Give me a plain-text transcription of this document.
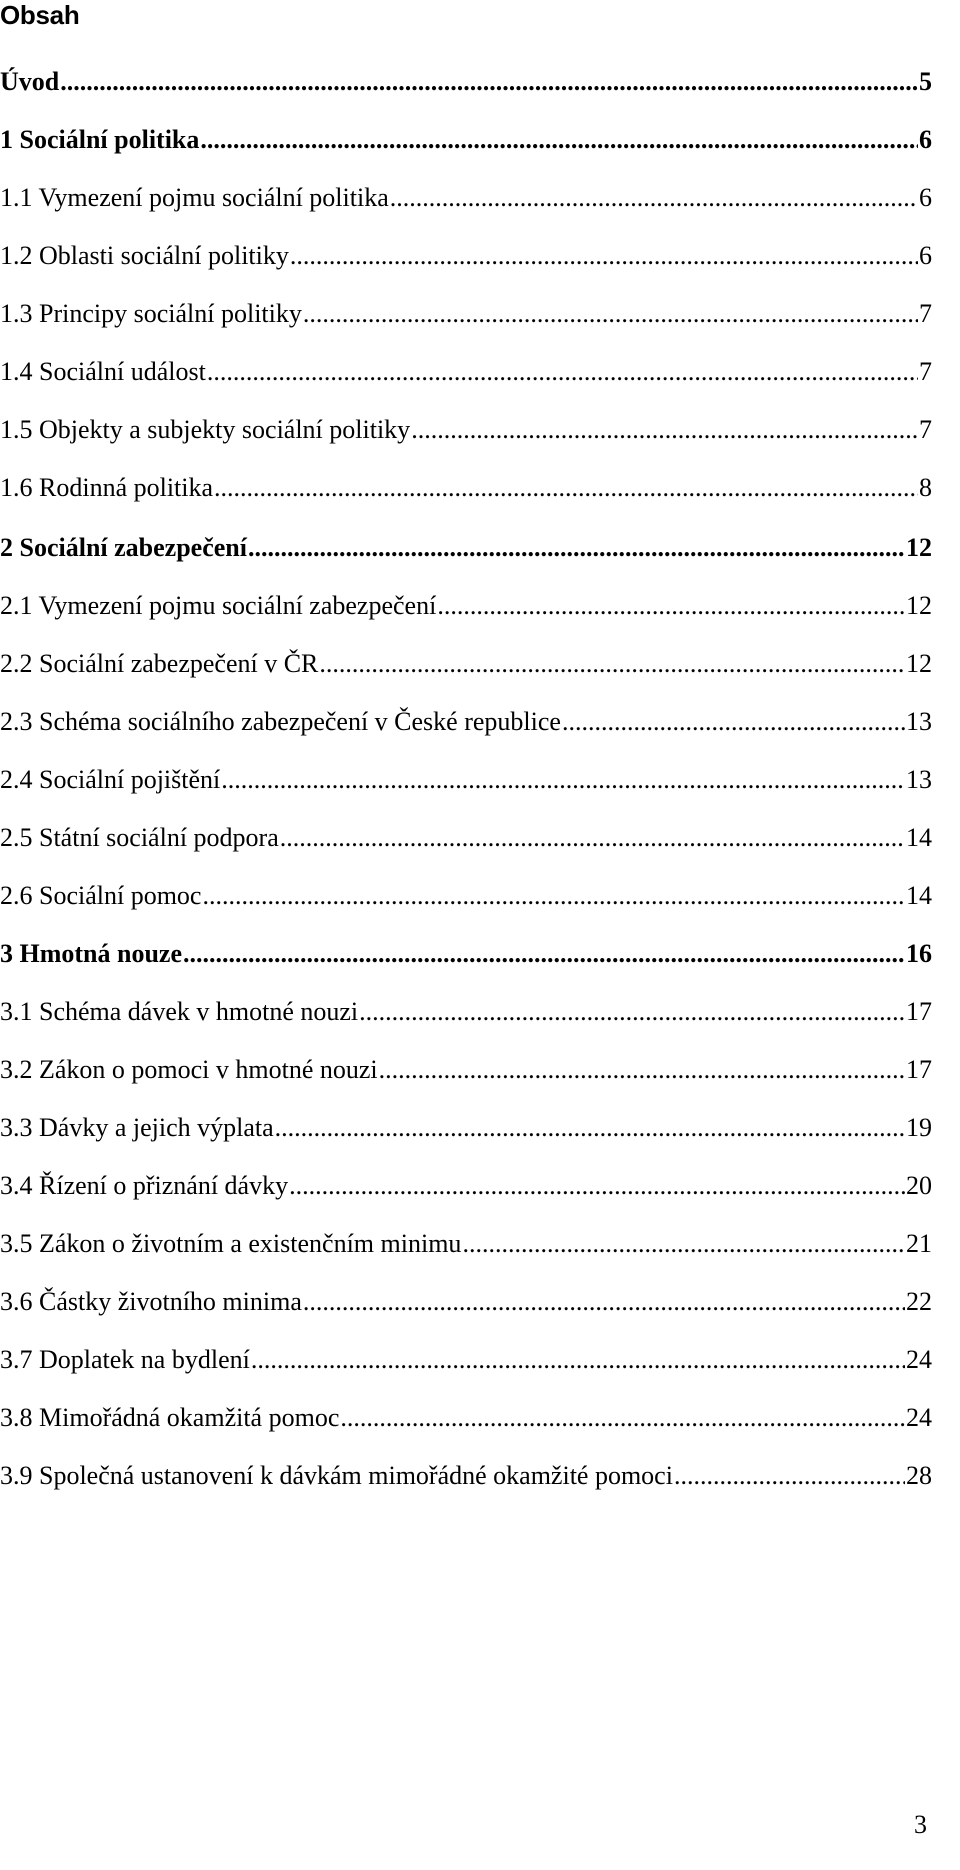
Obsah
Úvod .....	5
1 Sociální politika .....	6
1.1 Vymezení pojmu sociální politika .....	6
1.2 Oblasti sociální politiky .....	6
1.3 Principy sociální politiky .....	7
1.4 Sociální událost .....	7
1.5 Objekty a subjekty sociální politiky .....	7
1.6 Rodinná politika .....	8
2 Sociální zabezpečení .....	12
2.1 Vymezení pojmu sociální zabezpečení .....	12
2.2 Sociální zabezpečení v ČR .....	12
2.3 Schéma sociálního zabezpečení v České republice .....	13
2.4 Sociální pojištění .....	13
2.5 Státní sociální podpora .....	14
2.6 Sociální pomoc .....	14
3 Hmotná nouze .....	16
3.1 Schéma dávek v hmotné nouzi .....	17
3.2 Zákon o pomoci v hmotné nouzi .....	17
3.3 Dávky a jejich výplata .....	19
3.4 Řízení o přiznání dávky .....	20
3.5 Zákon o životním a existenčním minimu .....	21
3.6 Částky životního minima .....	22
3.7 Doplatek na bydlení .....	24
3.8 Mimořádná okamžitá pomoc .....	24
3.9 Společná ustanovení k dávkám mimořádné okamžité pomoci .....	28
3
